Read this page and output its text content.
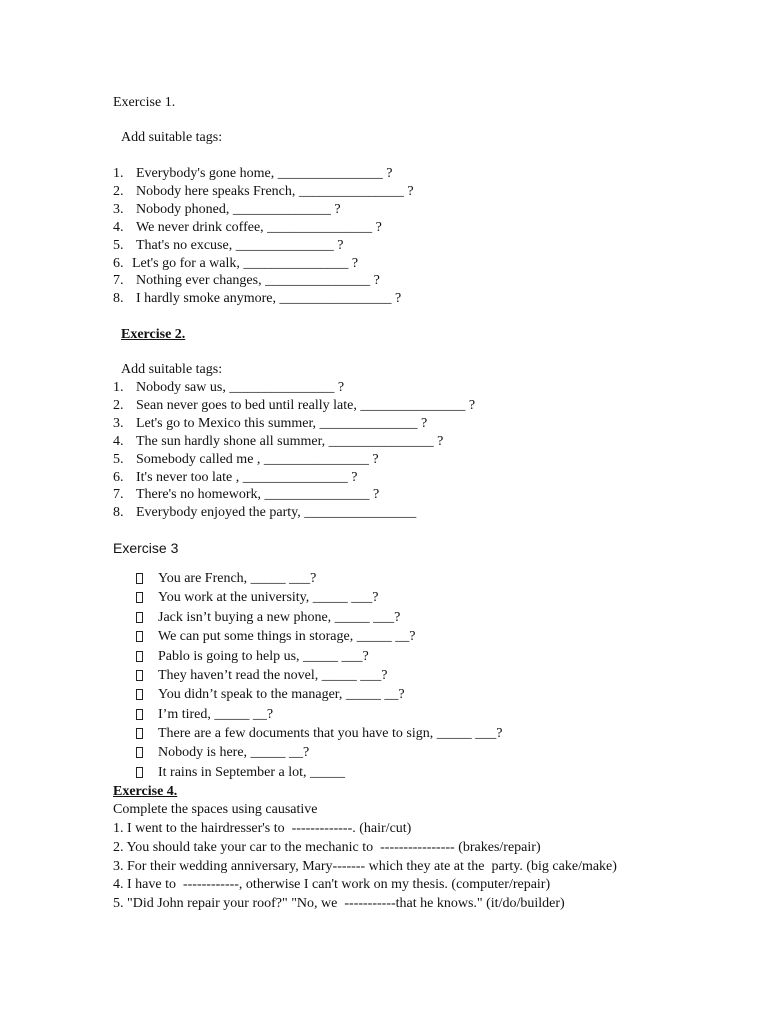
Exercise 1.
Add suitable tags:
1. Everybody's gone home, _______________ ?
2. Nobody here speaks French, _______________ ?
3. Nobody phoned, ______________ ?
4. We never drink coffee, _______________ ?
5. That's no excuse, ______________ ?
6. Let's go for a walk, _______________ ?
7. Nothing ever changes, _______________ ?
8. I hardly smoke anymore, ________________ ?
Exercise 2.
Add suitable tags:
1. Nobody saw us, _______________ ?
2. Sean never goes to bed until really late, _______________ ?
3. Let's go to Mexico this summer, ______________ ?
4. The sun hardly shone all summer, _______________ ?
5. Somebody called me , _______________ ?
6. It's never too late , _______________ ?
7. There's no homework, _______________ ?
8. Everybody enjoyed the party, ________________
Exercise 3
You are French, _____ ___?
You work at the university, _____ ___?
Jack isn’t buying a new phone, _____ ___?
We can put some things in storage, _____ __?
Pablo is going to help us, _____ ___?
They haven’t read the novel, _____ ___?
You didn’t speak to the manager, _____ __?
I’m tired, _____ __?
There are a few documents that you have to sign, _____ ___?
Nobody is here, _____ __?
It rains in September a lot, _____
Exercise 4.
Complete the spaces using causative
1. I went to the hairdresser's to  -------------. (hair/cut)
2. You should take your car to the mechanic to  ---------------- (brakes/repair)
3. For their wedding anniversary, Mary------- which they ate at the  party. (big cake/make)
4. I have to  ------------, otherwise I can't work on my thesis. (computer/repair)
5. "Did John repair your roof?" "No, we  -----------that he knows." (it/do/builder)
